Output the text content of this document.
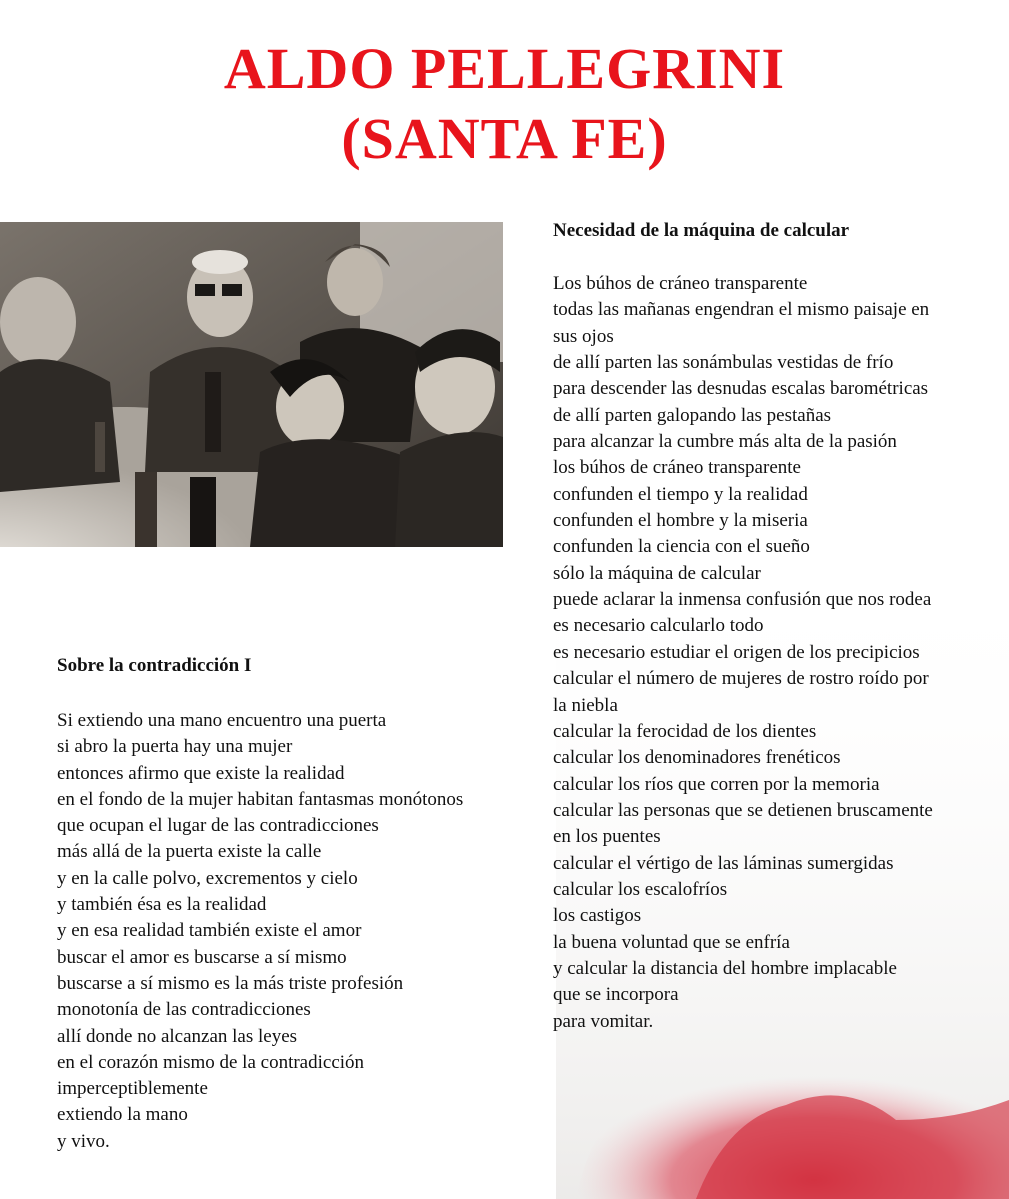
ALDO PELLEGRINI
(SANTA FE)
Sobre la contradicción I
Si extiendo una mano encuentro una puerta
si abro la puerta hay una mujer
entonces afirmo que existe la realidad
en el fondo de la mujer habitan fantasmas monótonos
que ocupan el lugar de las contradicciones
más allá de la puerta existe la calle
y en la calle polvo, excrementos y cielo
y también ésa es la realidad
y en esa realidad también existe el amor
buscar el amor es buscarse a sí mismo
buscarse a sí mismo es la más triste profesión
monotonía de las contradicciones
allí donde no alcanzan las leyes
en el corazón mismo de la contradicción
imperceptiblemente
extiendo la mano
y vivo.
Necesidad de la máquina de calcular
Los búhos de cráneo transparente
todas las mañanas engendran el mismo paisaje en
sus ojos
de allí parten las sonámbulas vestidas de frío
para descender las desnudas escalas barométricas
de allí parten galopando las pestañas
para alcanzar la cumbre más alta de la pasión
los búhos de cráneo transparente
confunden el tiempo y la realidad
confunden el hombre y la miseria
confunden la ciencia con el sueño
sólo la máquina de calcular
puede aclarar la inmensa confusión que nos rodea
es necesario calcularlo todo
es necesario estudiar el origen de los precipicios
calcular el número de mujeres de rostro roído por
la niebla
calcular la ferocidad de los dientes
calcular los denominadores frenéticos
calcular los ríos que corren por la memoria
calcular las personas que se detienen bruscamente
en los puentes
calcular el vértigo de las láminas sumergidas
calcular los escalofríos
los castigos
la buena voluntad que se enfría
y calcular la distancia del hombre implacable
que se incorpora
para vomitar.
